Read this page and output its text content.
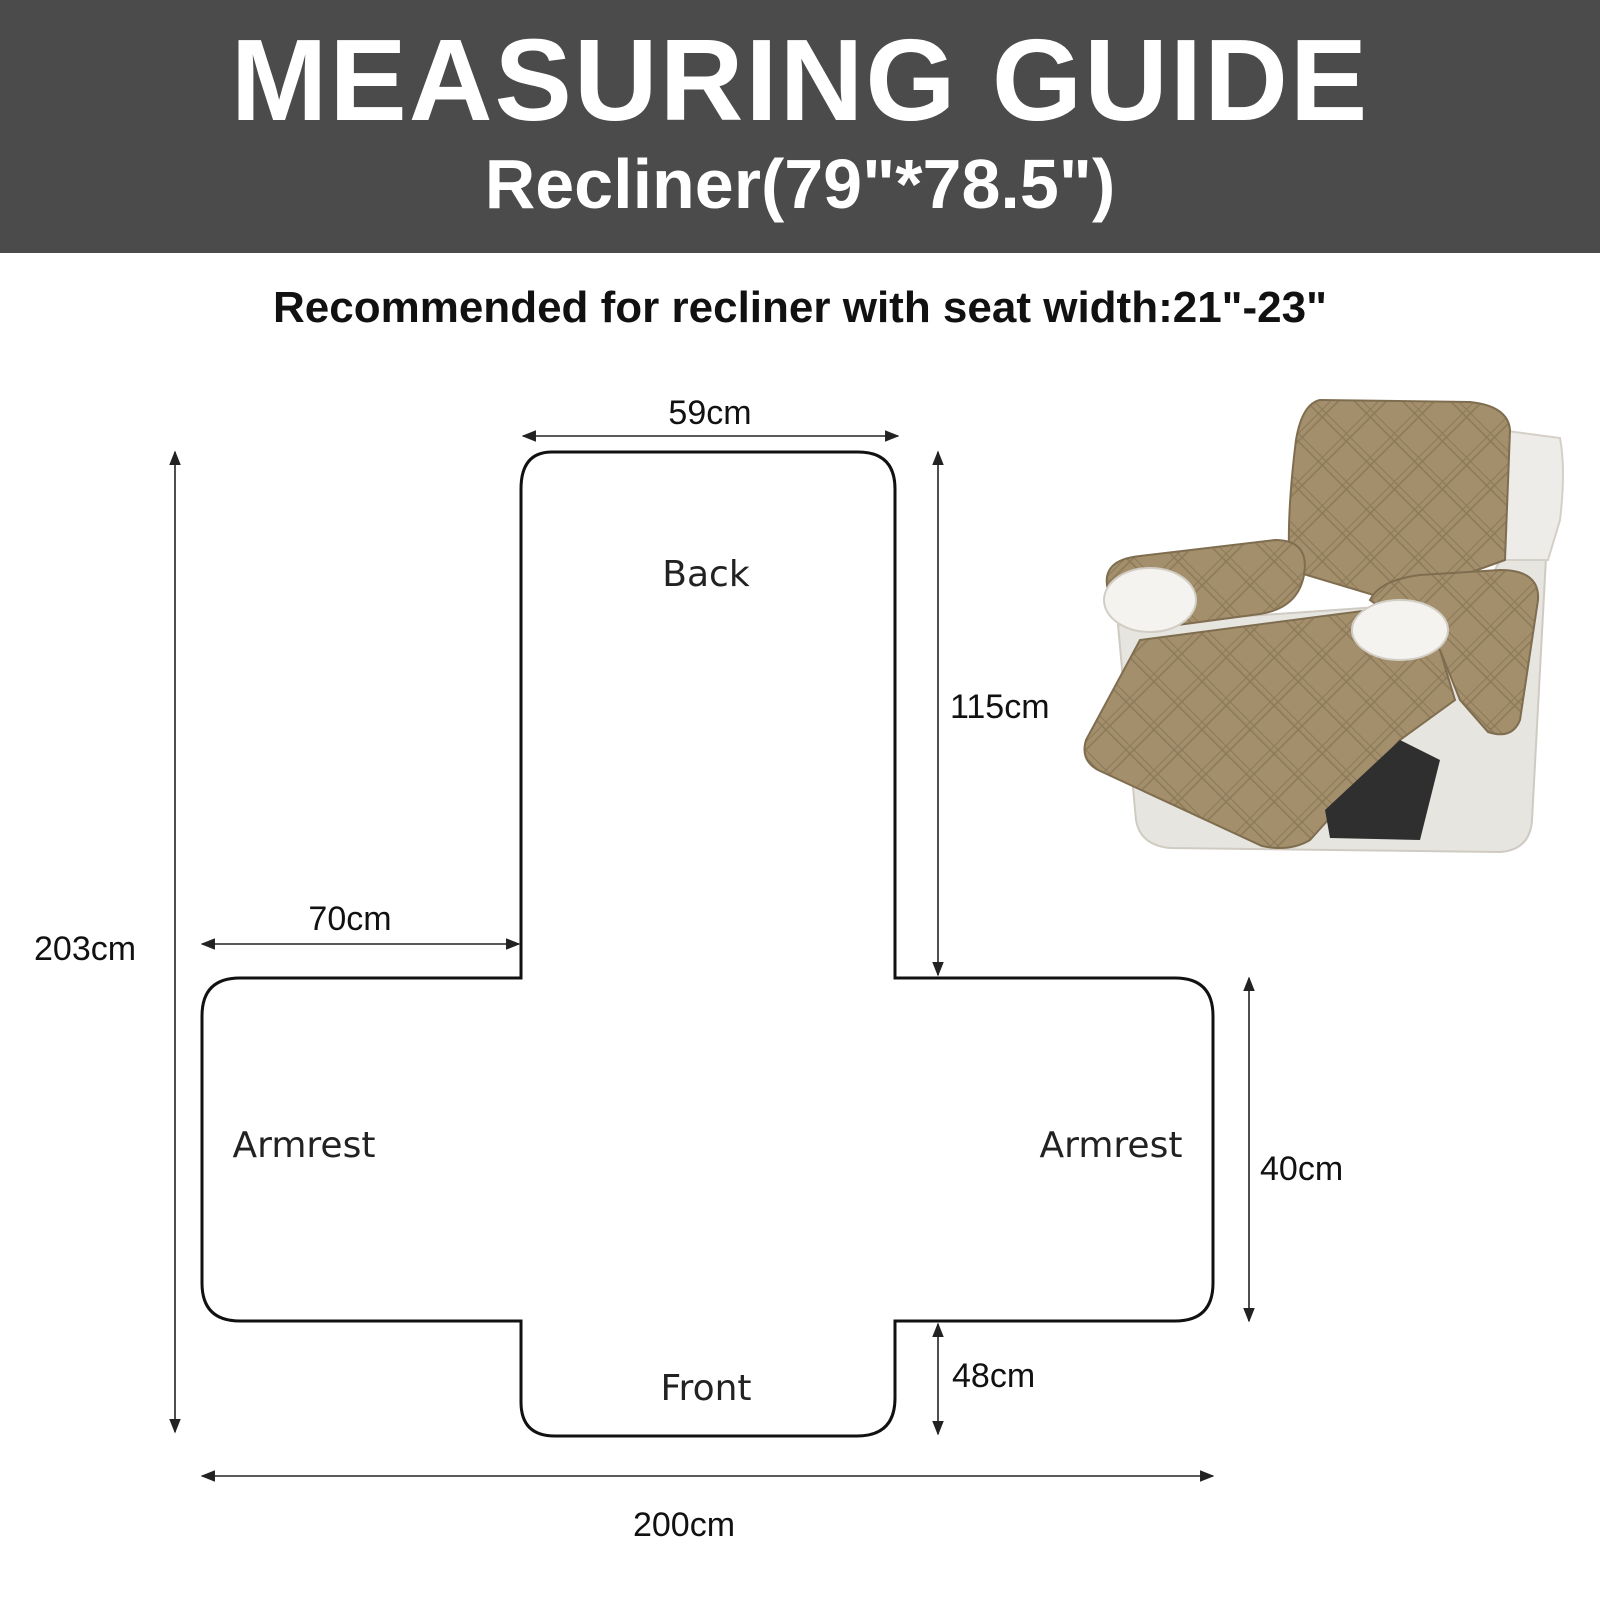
MEASURING GUIDE
Recliner(79"*78.5")
Recommended for recliner with seat width:21"-23"
Back
Armrest	Armrest
Front
59cm
115cm
70cm
203cm
40cm
48cm
200cm
